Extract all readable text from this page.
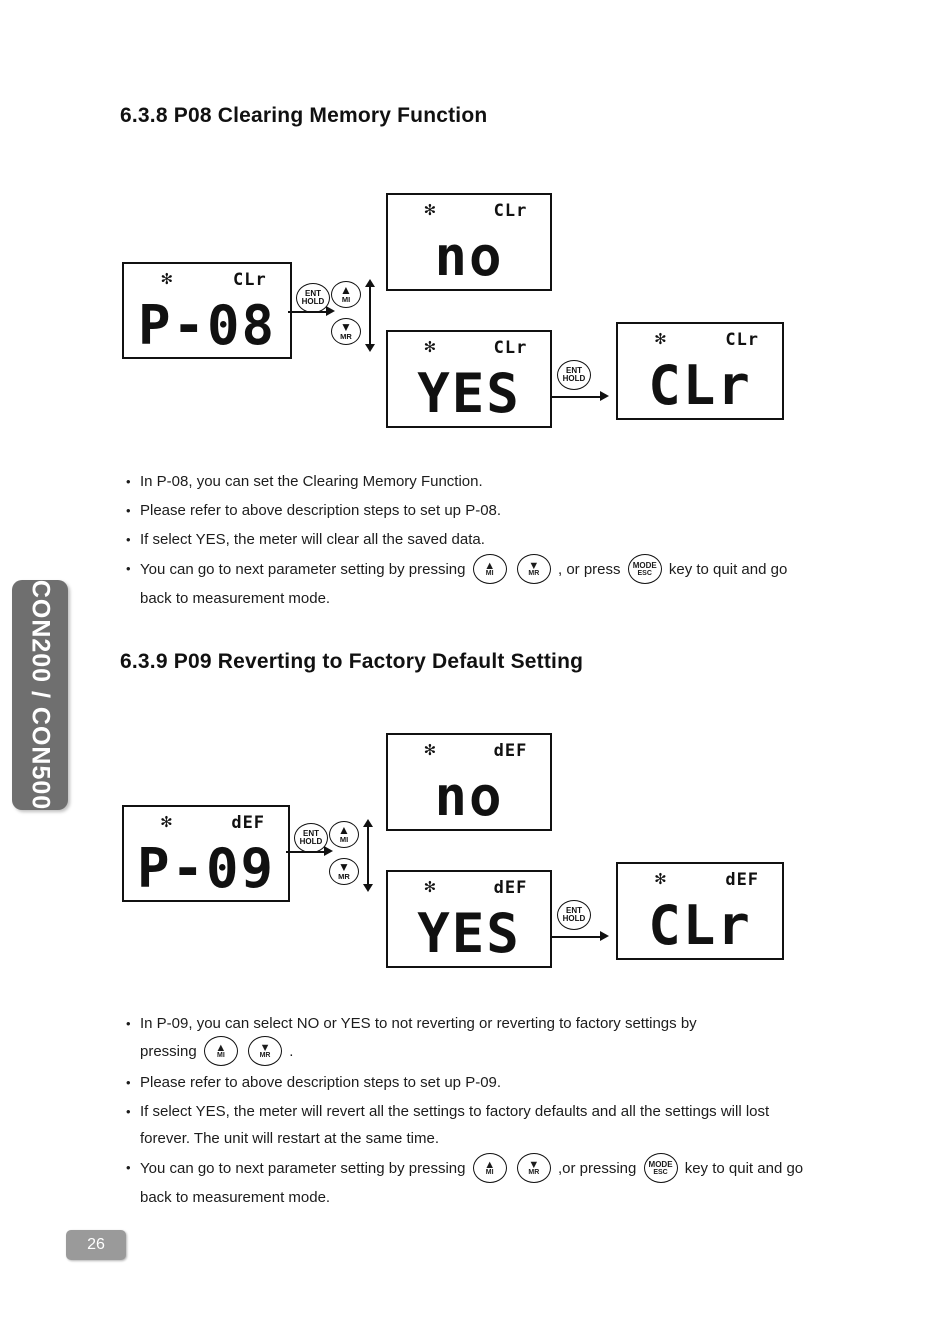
CON200 / CON500
6.3.8 P08 Clearing Memory Function
✻	CLr
P-08
ENT
HOLD
▲
MI
▼
MR
✻	CLr
no
✻	CLr
YES	ENT
HOLD
✻	CLr
CLr
• In P-08, you can set the Clearing Memory Function.
• Please refer to above description steps to set up P-08.
• If select YES, the meter will clear all the saved data.
• You can go to next parameter setting by pressing ▲
MI

▼
MR , or press MODE
ESC key to quit and go
back to measurement mode.
6.3.9 P09 Reverting to Factory Default Setting
✻	dEF
P-09
ENT
HOLD
▲
MI
▼
MR
✻	dEF
no
✻	dEF
YES	ENT
HOLD
✻	dEF
CLr
• In P-09, you can select NO or YES to not reverting or reverting to factory settings by
pressing ▲
MI

▼
MR .
• Please refer to above description steps to set up P-09.
• If select YES, the meter will revert all the settings to factory defaults and all the settings will lost
forever. The unit will restart at the same time.
• You can go to next parameter setting by pressing ▲
MI

▼
MR ,or pressing MODE
ESC key to quit and go
back to measurement mode.
26
